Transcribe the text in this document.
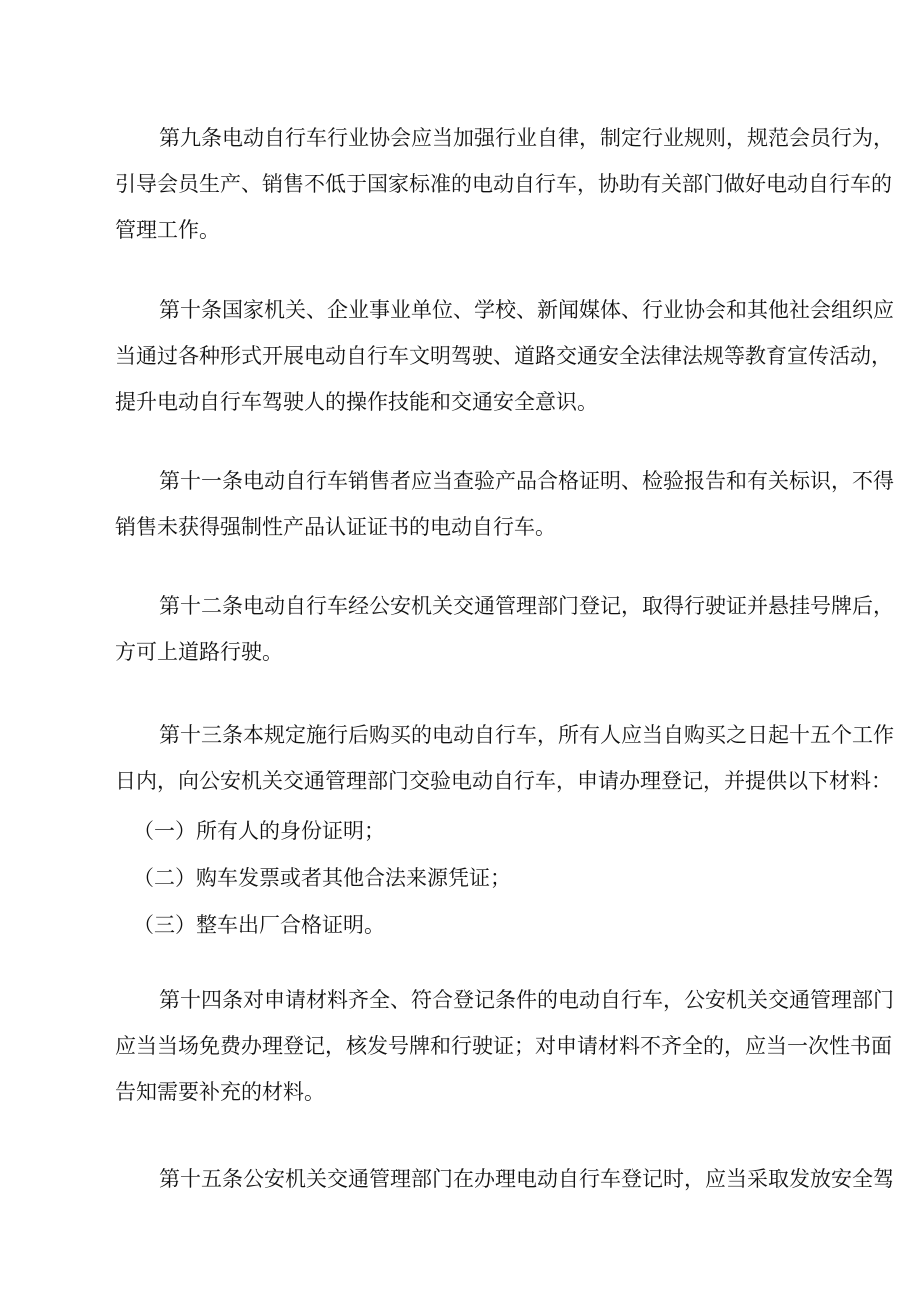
第九条电动自行车行业协会应当加强行业自律，制定行业规则，规范会员行为，
引导会员生产、销售不低于国家标准的电动自行车，协助有关部门做好电动自行车的
管理工作。
第十条国家机关、企业事业单位、学校、新闻媒体、行业协会和其他社会组织应
当通过各种形式开展电动自行车文明驾驶、道路交通安全法律法规等教育宣传活动，
提升电动自行车驾驶人的操作技能和交通安全意识。
第十一条电动自行车销售者应当查验产品合格证明、检验报告和有关标识，不得
销售未获得强制性产品认证证书的电动自行车。
第十二条电动自行车经公安机关交通管理部门登记，取得行驶证并悬挂号牌后，
方可上道路行驶。
第十三条本规定施行后购买的电动自行车，所有人应当自购买之日起十五个工作
日内，向公安机关交通管理部门交验电动自行车，申请办理登记，并提供以下材料：
（一）所有人的身份证明；
（二）购车发票或者其他合法来源凭证；
（三）整车出厂合格证明。
第十四条对申请材料齐全、符合登记条件的电动自行车，公安机关交通管理部门
应当当场免费办理登记，核发号牌和行驶证；对申请材料不齐全的，应当一次性书面
告知需要补充的材料。
第十五条公安机关交通管理部门在办理电动自行车登记时，应当采取发放安全驾
